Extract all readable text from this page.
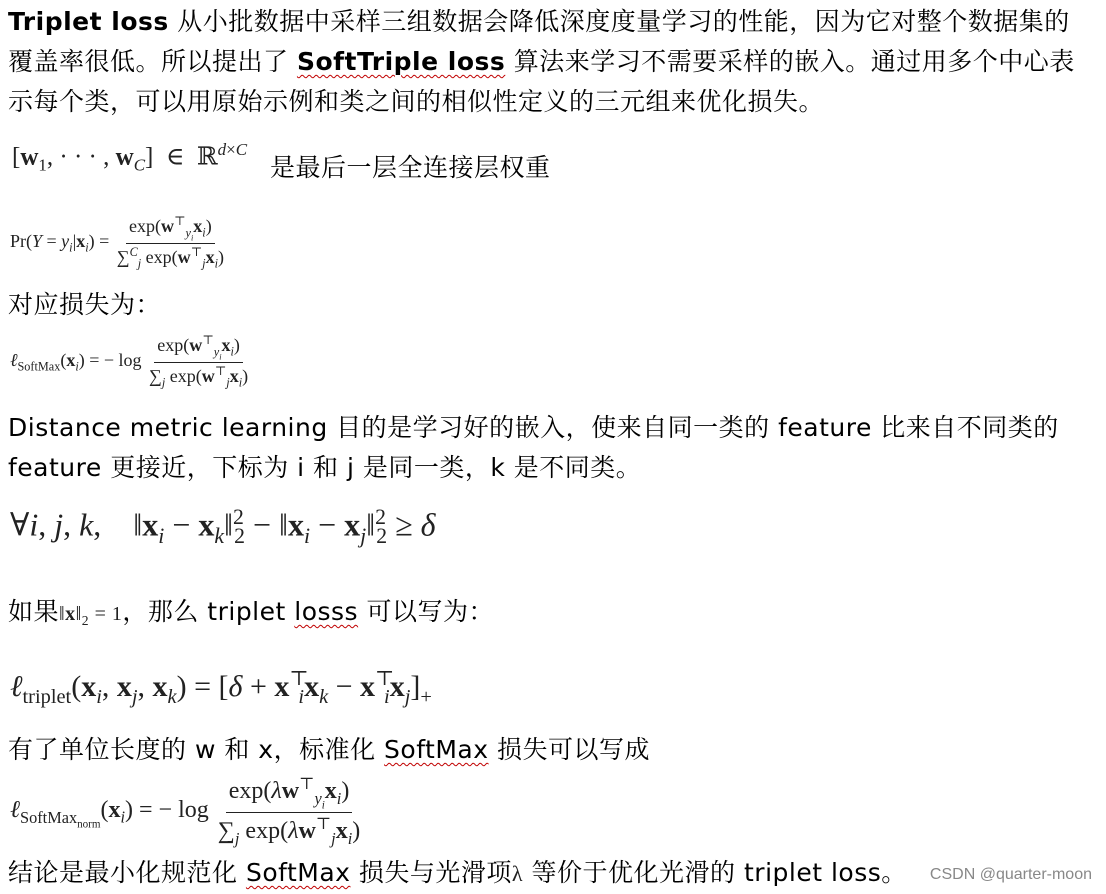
Triplet loss 从小批数据中采样三组数据会降低深度度量学习的性能，因为它对整个数据集的
覆盖率很低。所以提出了 SoftTriple loss 算法来学习不需要采样的嵌入。通过用多个中心表
示每个类，可以用原始示例和类之间的相似性定义的三元组来优化损失。
[$w_1$, · · · , $w_C$]  ∈  ℝ$^{d\times C}$
是最后一层全连接层权重
$Pr(Y = y_i|x_i) = \frac{\exp(w^⊤_{y_i}x_i)}{\sum^C_j \exp(w^⊤_jx_i)}$
对应损失为：
$\ell_{SoftMax}(x_i)$ = − $\log \frac{\exp(w^⊤_{y_i}x_i)}{\sum_j \exp(w^⊤_jx_i)}$
Distance metric learning 目的是学习好的嵌入，使来自同一类的 feature 比来自不同类的
feature 更接近，下标为 i 和 j 是同一类，k 是不同类。
∀i, j, k,    $‖x_i$ − $x_k‖^2_2$ − $‖x_i$ − $x_j‖^2_2 \ge \delta$
如果$‖x‖_2 = 1$，那么 triplet losss 可以写为：
$\ell_{triplet}(x_i$, $x_j$, $x_k) = [\delta + x^⊤_ix_k - x^⊤_ix_j]_+$
有了单位长度的 w 和 x，标准化 SoftMax 损失可以写成
$\ell_{SoftMax_{norm}}(x_i)$ = − $\log \frac{\exp(\lambda w^⊤_{y_i}x_i)}{\sum_j \exp(\lambda w^⊤_jx_i)}$
结论是最小化规范化 SoftMax 损失与光滑项λ 等价于优化光滑的 triplet loss。 CSDN @quarter-moon
